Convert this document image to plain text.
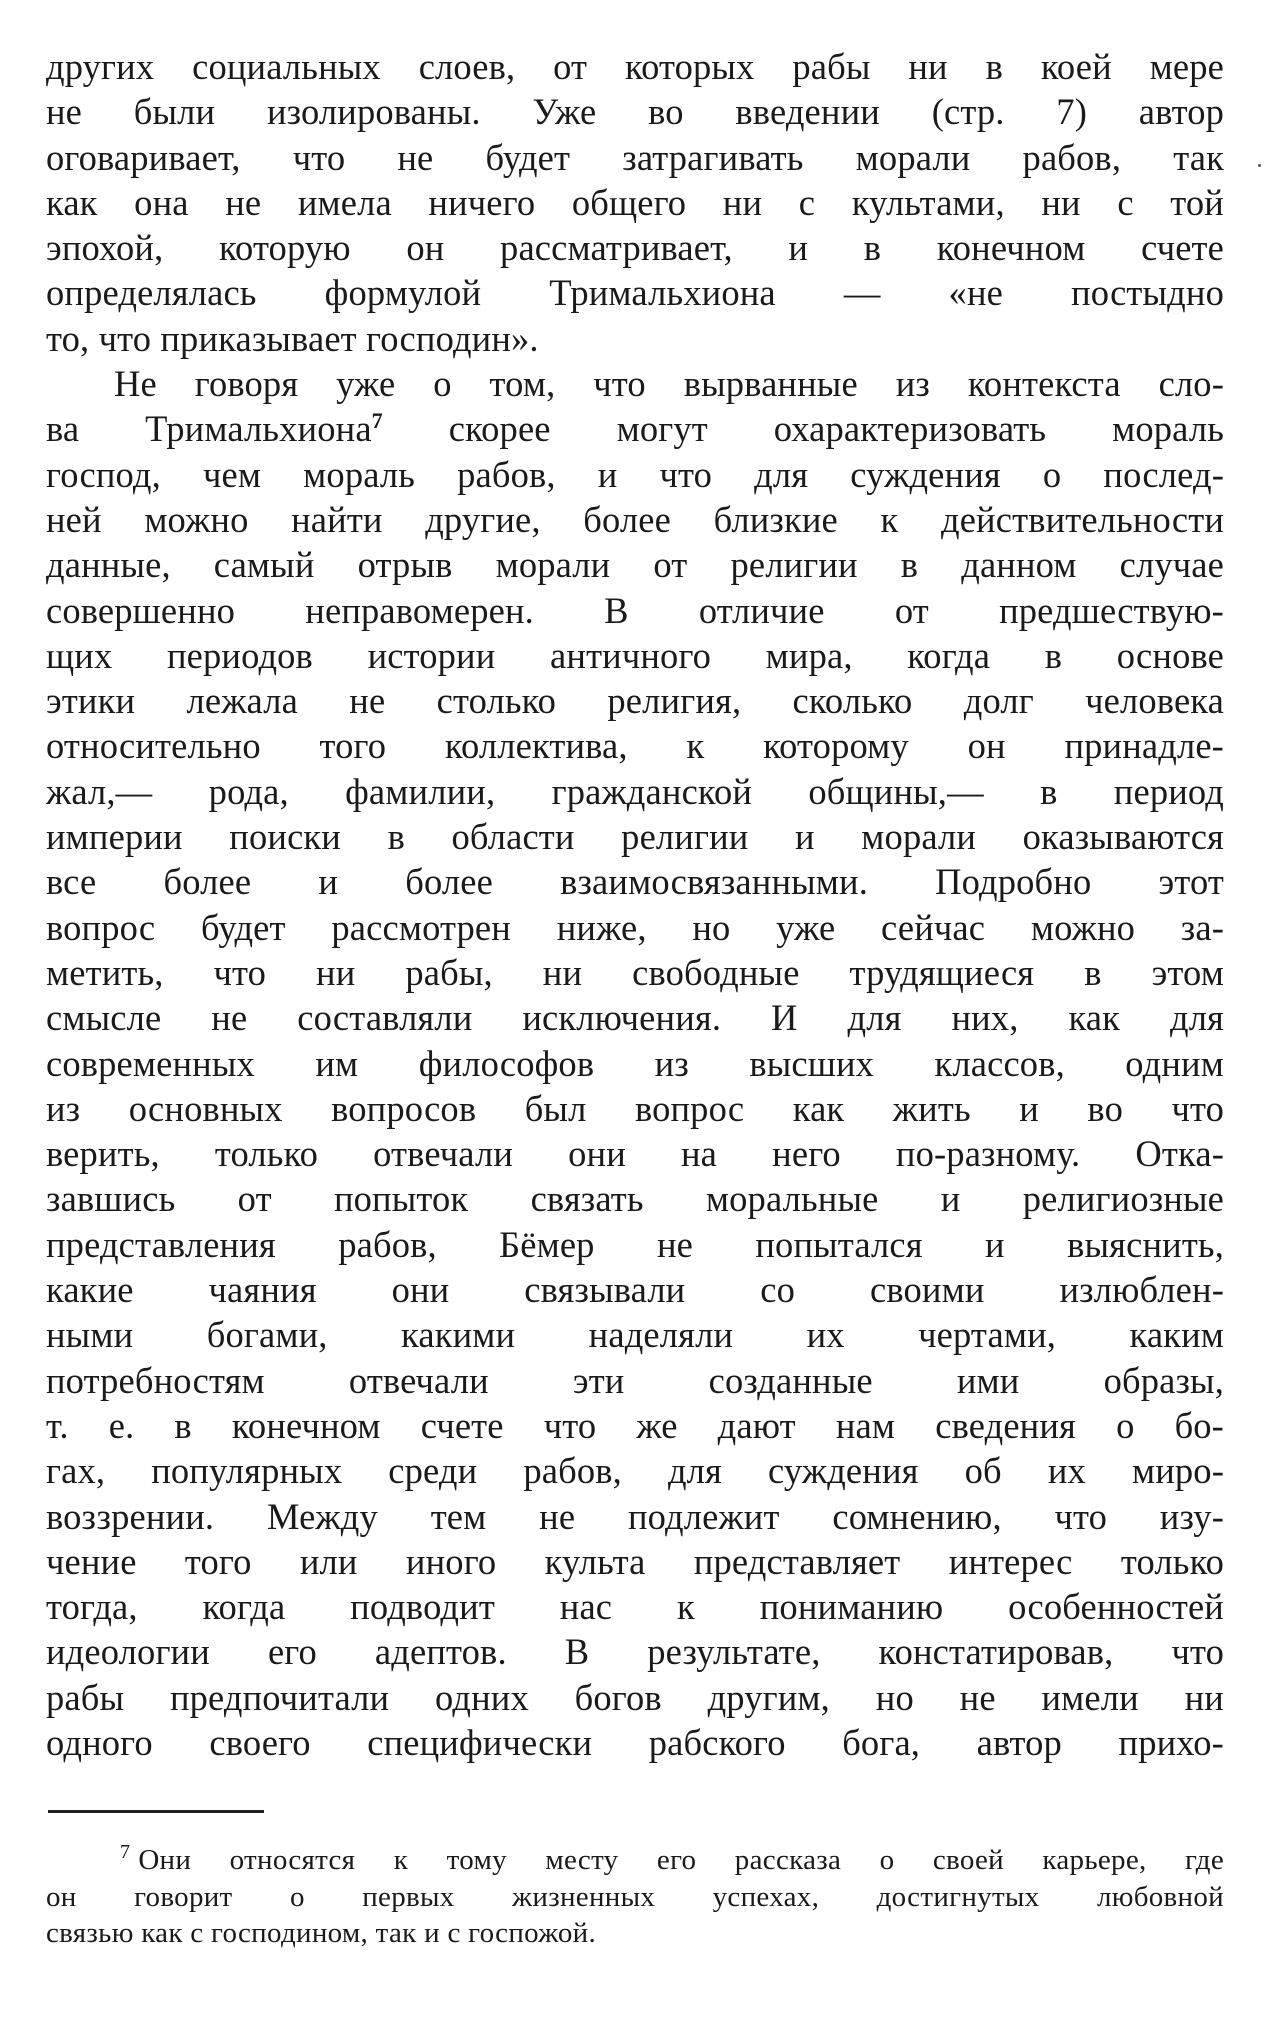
других социальных слоев, от которых рабы ни в коей мере
не были изолированы. Уже во введении (стр. 7) автор
оговаривает, что не будет затрагивать морали рабов, так
как она не имела ничего общего ни с культами, ни с той
эпохой, которую он рассматривает, и в конечном счете
определялась формулой Тримальхиона — «не постыдно
то, что приказывает господин».
Не говоря уже о том, что вырванные из контекста сло-
ва Тримальхиона$^7$ скорее могут охарактеризовать мораль
господ, чем мораль рабов, и что для суждения о послед-
ней можно найти другие, более близкие к действительности
данные, самый отрыв морали от религии в данном случае
совершенно неправомерен. В отличие от предшествую-
щих периодов истории античного мира, когда в основе
этики лежала не столько религия, сколько долг человека
относительно того коллектива, к которому он принадле-
жал,— рода, фамилии, гражданской общины,— в период
империи поиски в области религии и морали оказываются
все более и более взаимосвязанными. Подробно этот
вопрос будет рассмотрен ниже, но уже сейчас можно за-
метить, что ни рабы, ни свободные трудящиеся в этом
смысле не составляли исключения. И для них, как для
современных им философов из высших классов, одним
из основных вопросов был вопрос как жить и во что
верить, только отвечали они на него по-разному. Отка-
завшись от попыток связать моральные и религиозные
представления рабов, Бёмер не попытался и выяснить,
какие чаяния они связывали со своими излюблен-
ными богами, какими наделяли их чертами, каким
потребностям отвечали эти созданные ими образы,
т. е. в конечном счете что же дают нам сведения о бо-
гах, популярных среди рабов, для суждения об их миро-
воззрении. Между тем не подлежит сомнению, что изу-
чение того или иного культа представляет интерес только
тогда, когда подводит нас к пониманию особенностей
идеологии его адептов. В результате, констатировав, что
рабы предпочитали одних богов другим, но не имели ни
одного своего специфически рабского бога, автор прихо-
$^7$ Они относятся к тому месту его рассказа о своей карьере, где
он говорит о первых жизненных успехах, достигнутых любовной
связью как с господином, так и с госпожой.
